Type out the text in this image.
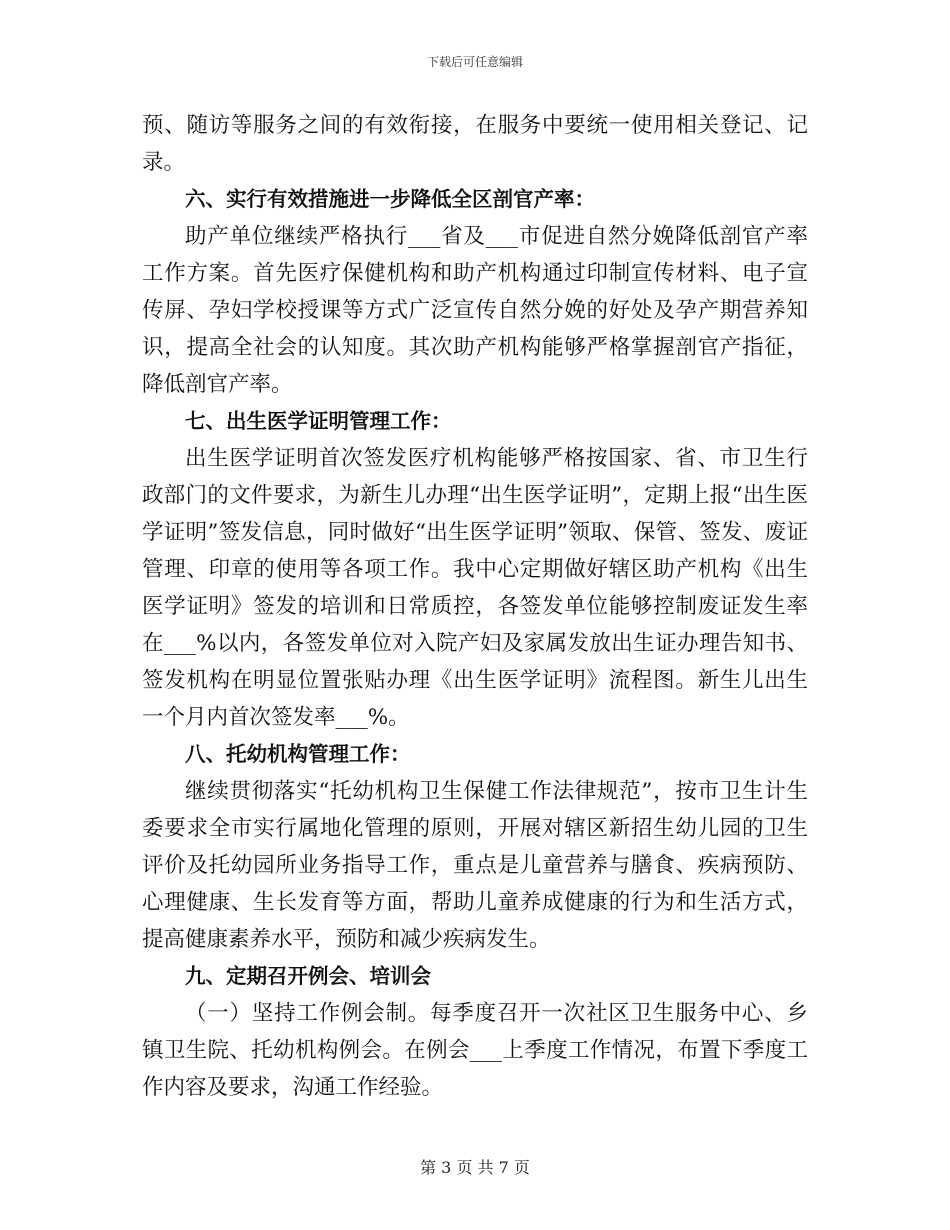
下载后可任意编辑

预、随访等服务之间的有效衔接，在服务中要统一使用相关登记、记录。

六、实行有效措施进一步降低全区剖官产率：

助产单位继续严格执行___省及___市促进自然分娩降低剖官产率工作方案。首先医疗保健机构和助产机构通过印制宣传材料、电子宣传屏、孕妇学校授课等方式广泛宣传自然分娩的好处及孕产期营养知识，提高全社会的认知度。其次助产机构能够严格掌握剖官产指征，降低剖官产率。

七、出生医学证明管理工作：

出生医学证明首次签发医疗机构能够严格按国家、省、市卫生行政部门的文件要求，为新生儿办理“出生医学证明”，定期上报“出生医学证明”签发信息，同时做好“出生医学证明”领取、保管、签发、废证管理、印章的使用等各项工作。我中心定期做好辖区助产机构《出生医学证明》签发的培训和日常质控，各签发单位能够控制废证发生率在___%以内，各签发单位对入院产妇及家属发放出生证办理告知书、签发机构在明显位置张贴办理《出生医学证明》流程图。新生儿出生一个月内首次签发率___%。

八、托幼机构管理工作：

继续贯彻落实“托幼机构卫生保健工作法律规范”，按市卫生计生委要求全市实行属地化管理的原则，开展对辖区新招生幼儿园的卫生评价及托幼园所业务指导工作，重点是儿童营养与膳食、疾病预防、心理健康、生长发育等方面，帮助儿童养成健康的行为和生活方式，提高健康素养水平，预防和减少疾病发生。

九、定期召开例会、培训会

（一）坚持工作例会制。每季度召开一次社区卫生服务中心、乡镇卫生院、托幼机构例会。在例会___上季度工作情况，布置下季度工作内容及要求，沟通工作经验。

第 3 页 共 7 页
